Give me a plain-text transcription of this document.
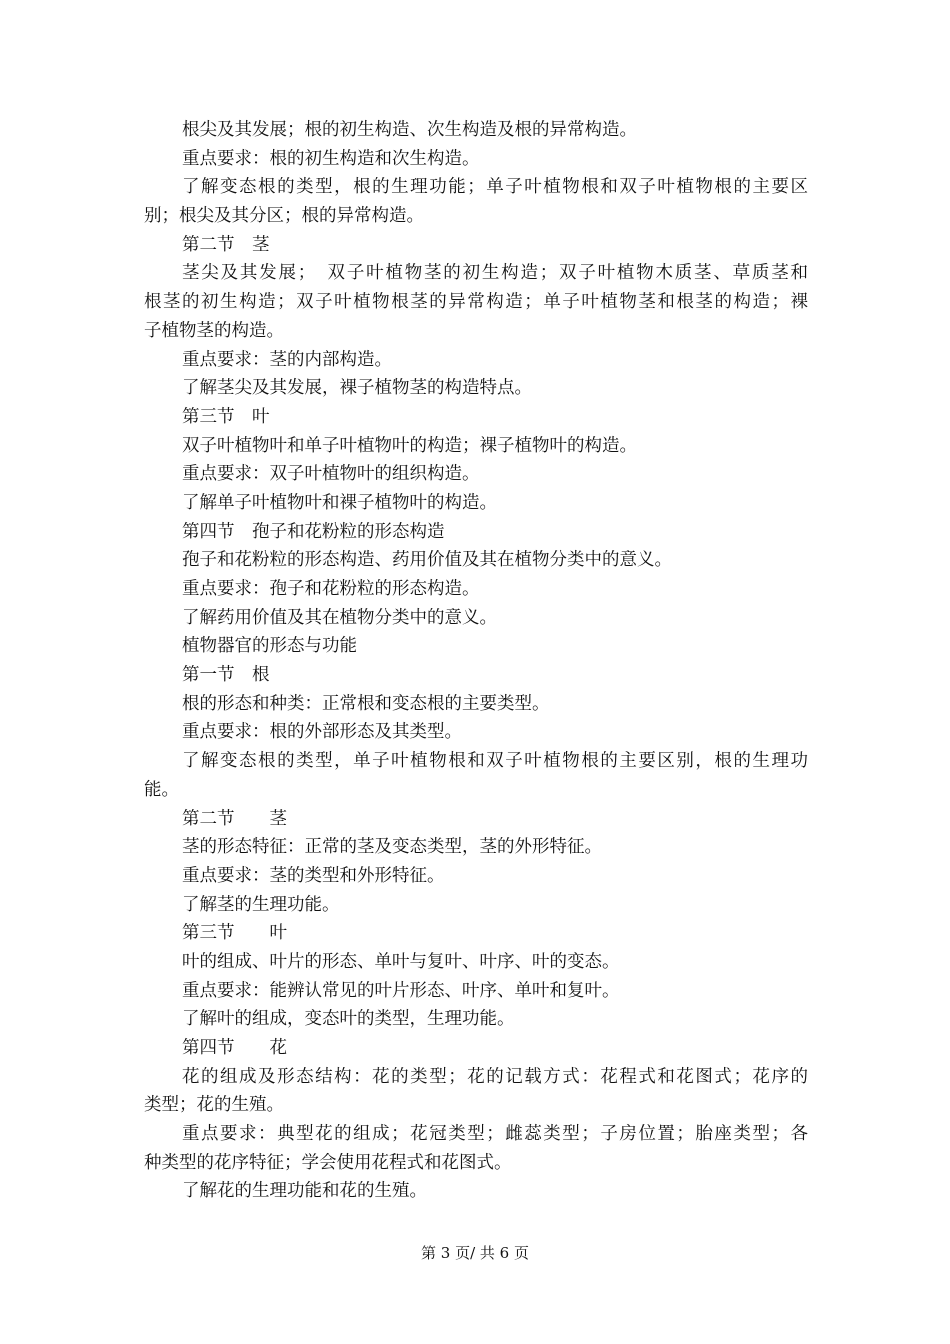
根尖及其发展；根的初生构造、次生构造及根的异常构造。
重点要求：根的初生构造和次生构造。
了解变态根的类型，根的生理功能；单子叶植物根和双子叶植物根的主要区
别；根尖及其分区；根的异常构造。
第二节　茎
茎尖及其发展；　双子叶植物茎的初生构造；双子叶植物木质茎、草质茎和
根茎的初生构造；双子叶植物根茎的异常构造；单子叶植物茎和根茎的构造；裸
子植物茎的构造。
重点要求：茎的内部构造。
了解茎尖及其发展，裸子植物茎的构造特点。
第三节　叶
双子叶植物叶和单子叶植物叶的构造；裸子植物叶的构造。
重点要求：双子叶植物叶的组织构造。
了解单子叶植物叶和裸子植物叶的构造。
第四节　孢子和花粉粒的形态构造
孢子和花粉粒的形态构造、药用价值及其在植物分类中的意义。
重点要求：孢子和花粉粒的形态构造。
了解药用价值及其在植物分类中的意义。
植物器官的形态与功能
第一节　根
根的形态和种类：正常根和变态根的主要类型。
重点要求：根的外部形态及其类型。
了解变态根的类型，单子叶植物根和双子叶植物根的主要区别，根的生理功
能。
第二节　　茎
茎的形态特征：正常的茎及变态类型，茎的外形特征。
重点要求：茎的类型和外形特征。
了解茎的生理功能。
第三节　　叶
叶的组成、叶片的形态、单叶与复叶、叶序、叶的变态。
重点要求：能辨认常见的叶片形态、叶序、单叶和复叶。
了解叶的组成，变态叶的类型，生理功能。
第四节　　花
花的组成及形态结构：花的类型；花的记载方式：花程式和花图式；花序的
类型；花的生殖。
重点要求：典型花的组成；花冠类型；雌蕊类型；子房位置；胎座类型；各
种类型的花序特征；学会使用花程式和花图式。
了解花的生理功能和花的生殖。
第 3 页/ 共 6 页
